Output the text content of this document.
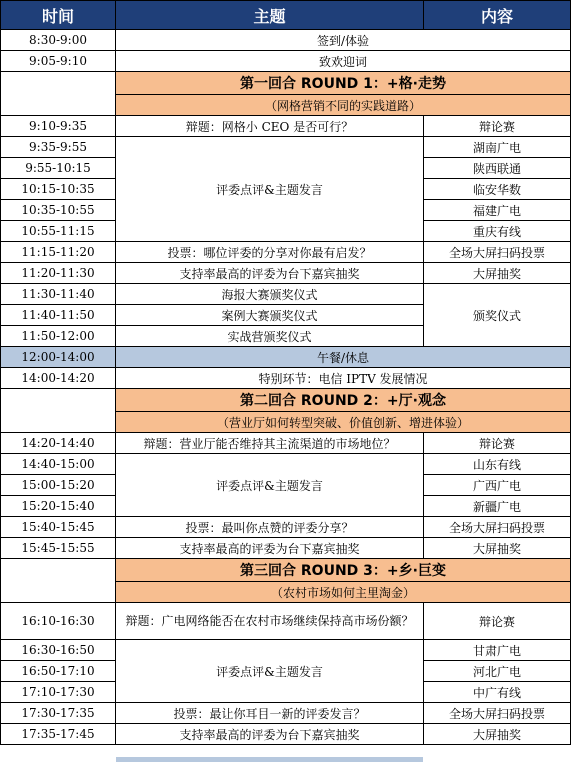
时间	主题	内容
8:30-9:00	签到/体验	
9:05-9:10	致欢迎词	
	第一回合 ROUND 1：+格·走势	
	（网格营销不同的实践道路）	
9:10-9:35	辩题：网格小 CEO 是否可行？	辩论赛
9:35-9:55	评委点评&主题发言	湖南广电
9:55-10:15		陕西联通
10:15-10:35		临安华数
10:35-10:55		福建广电
10:55-11:15		重庆有线
11:15-11:20	投票：哪位评委的分享对你最有启发？	全场大屏扫码投票
11:20-11:30	支持率最高的评委为台下嘉宾抽奖	大屏抽奖
11:30-11:40	海报大赛颁奖仪式	颁奖仪式
11:40-11:50	案例大赛颁奖仪式	
11:50-12:00	实战营颁奖仪式	
12:00-14:00	午餐/休息	
14:00-14:20	特别环节：电信 IPTV 发展情况	
	第二回合 ROUND 2：+厅·观念	
	（营业厅如何转型突破、价值创新、增进体验）	
14:20-14:40	辩题：营业厅能否维持其主流渠道的市场地位？	辩论赛
14:40-15:00	评委点评&主题发言	山东有线
15:00-15:20		广西广电
15:20-15:40		新疆广电
15:40-15:45	投票：最叫你点赞的评委分享？	全场大屏扫码投票
15:45-15:55	支持率最高的评委为台下嘉宾抽奖	大屏抽奖
	第三回合 ROUND 3：+乡·巨变	
	（农村市场如何主里淘金）	
16:10-16:30	辩题：广电网络能否在农村市场继续保持高市场份额？	辩论赛
16:30-16:50	评委点评&主题发言	甘肃广电
16:50-17:10		河北广电
17:10-17:30		中广有线
17:30-17:35	投票：最让你耳目一新的评委发言？	全场大屏扫码投票
17:35-17:45	支持率最高的评委为台下嘉宾抽奖	大屏抽奖
